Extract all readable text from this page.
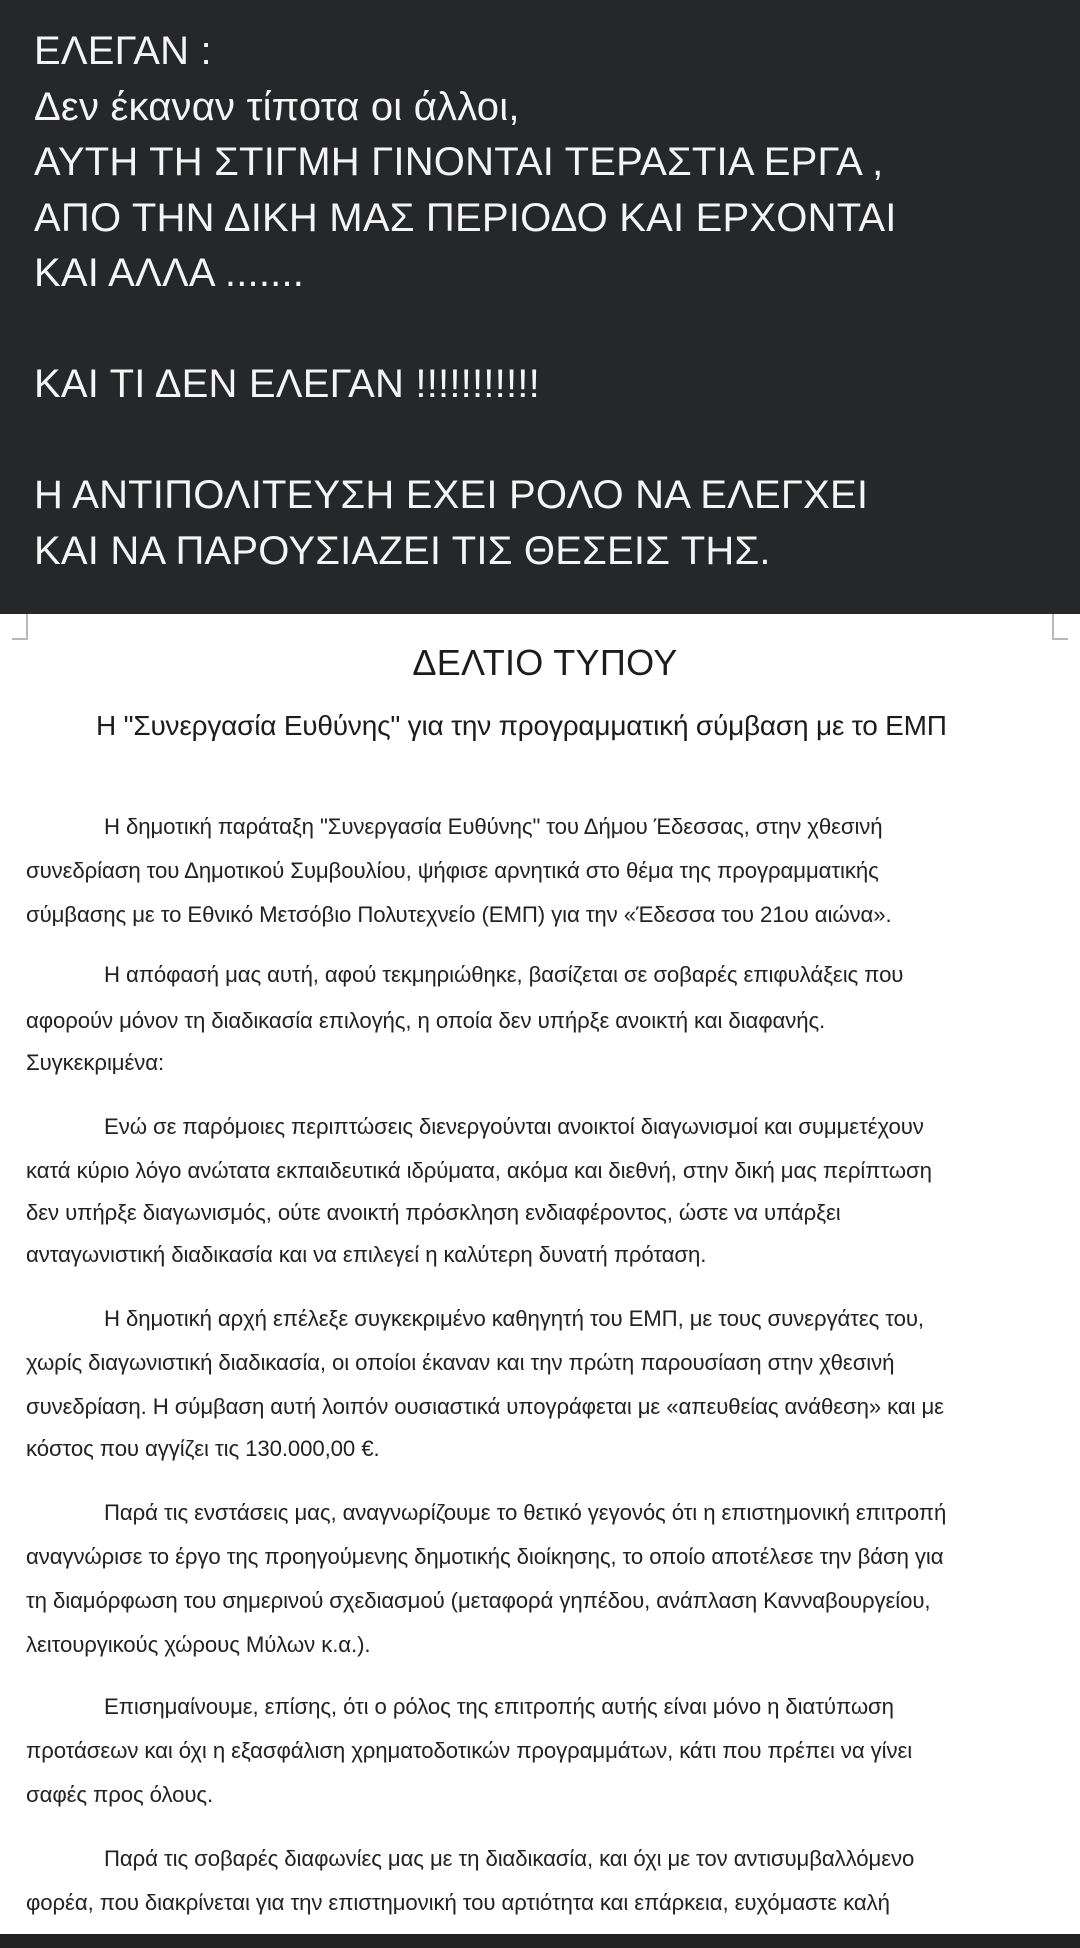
ΕΛΕΓΑΝ :
Δεν έκαναν τίποτα οι άλλοι,
ΑΥΤΗ ΤΗ ΣΤΙΓΜΗ ΓΙΝΟΝΤΑΙ ΤΕΡΑΣΤΙΑ ΕΡΓΑ ,
ΑΠΟ ΤΗΝ ΔΙΚΗ ΜΑΣ ΠΕΡΙΟΔΟ ΚΑΙ ΕΡΧΟΝΤΑΙ
ΚΑΙ ΑΛΛΑ .......
ΚΑΙ ΤΙ ΔΕΝ ΕΛΕΓΑΝ !!!!!!!!!!!
Η ΑΝΤΙΠΟΛΙΤΕΥΣΗ ΕΧΕΙ ΡΟΛΟ ΝΑ ΕΛΕΓΧΕΙ
ΚΑΙ ΝΑ ΠΑΡΟΥΣΙΑΖΕΙ ΤΙΣ ΘΕΣΕΙΣ ΤΗΣ.
ΔΕΛΤΙΟ ΤΥΠΟΥ
Η "Συνεργασία Ευθύνης" για την προγραμματική σύμβαση με το ΕΜΠ
Η δημοτική παράταξη "Συνεργασία Ευθύνης" του Δήμου Έδεσσας, στην χθεσινή
συνεδρίαση του Δημοτικού Συμβουλίου, ψήφισε αρνητικά στο θέμα της προγραμματικής
σύμβασης με το Εθνικό Μετσόβιο Πολυτεχνείο (ΕΜΠ) για την «Έδεσσα του 21ου αιώνα».
Η απόφασή μας αυτή, αφού τεκμηριώθηκε, βασίζεται σε σοβαρές επιφυλάξεις που
αφορούν μόνον τη διαδικασία επιλογής, η οποία δεν υπήρξε ανοικτή και διαφανής.
Συγκεκριμένα:
Ενώ σε παρόμοιες περιπτώσεις διενεργούνται ανοικτοί διαγωνισμοί και συμμετέχουν
κατά κύριο λόγο ανώτατα εκπαιδευτικά ιδρύματα, ακόμα και διεθνή, στην δική μας περίπτωση
δεν υπήρξε διαγωνισμός, ούτε ανοικτή πρόσκληση ενδιαφέροντος, ώστε να υπάρξει
ανταγωνιστική διαδικασία και να επιλεγεί η καλύτερη δυνατή πρόταση.
Η δημοτική αρχή επέλεξε συγκεκριμένο καθηγητή του ΕΜΠ, με τους συνεργάτες του,
χωρίς διαγωνιστική διαδικασία, οι οποίοι έκαναν και την πρώτη παρουσίαση στην χθεσινή
συνεδρίαση. Η σύμβαση αυτή λοιπόν ουσιαστικά υπογράφεται με «απευθείας ανάθεση» και με
κόστος που αγγίζει τις 130.000,00 €.
Παρά τις ενστάσεις μας, αναγνωρίζουμε το θετικό γεγονός ότι η επιστημονική επιτροπή
αναγνώρισε το έργο της προηγούμενης δημοτικής διοίκησης, το οποίο αποτέλεσε την βάση για
τη διαμόρφωση του σημερινού σχεδιασμού (μεταφορά γηπέδου, ανάπλαση Κανναβουργείου,
λειτουργικούς χώρους Μύλων κ.α.).
Επισημαίνουμε, επίσης, ότι ο ρόλος της επιτροπής αυτής είναι μόνο η διατύπωση
προτάσεων και όχι η εξασφάλιση χρηματοδοτικών προγραμμάτων, κάτι που πρέπει να γίνει
σαφές προς όλους.
Παρά τις σοβαρές διαφωνίες μας με τη διαδικασία, και όχι με τον αντισυμβαλλόμενο
φορέα, που διακρίνεται για την επιστημονική του αρτιότητα και επάρκεια, ευχόμαστε καλή
